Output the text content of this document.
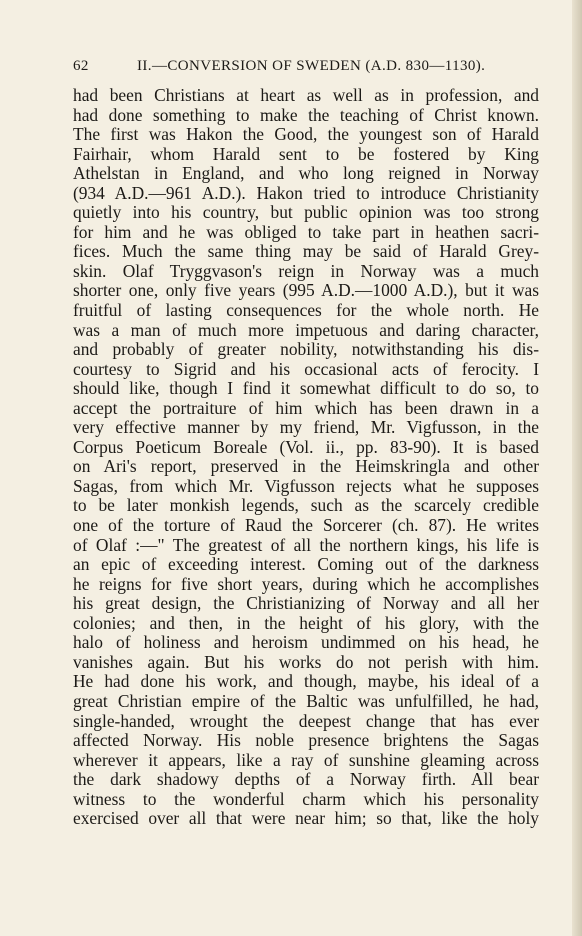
62	II.—CONVERSION OF SWEDEN (A.D. 830—1130).
had been Christians at heart as well as in profession, and
had done something to make the teaching of Christ known.
The first was Hakon the Good, the youngest son of Harald
Fairhair, whom Harald sent to be fostered by King
Athelstan in England, and who long reigned in Norway
(934 A.D.—961 A.D.). Hakon tried to introduce Christianity
quietly into his country, but public opinion was too strong
for him and he was obliged to take part in heathen sacri-
fices. Much the same thing may be said of Harald Grey-
skin. Olaf Tryggvason's reign in Norway was a much
shorter one, only five years (995 A.D.—1000 A.D.), but it was
fruitful of lasting consequences for the whole north. He
was a man of much more impetuous and daring character,
and probably of greater nobility, notwithstanding his dis-
courtesy to Sigrid and his occasional acts of ferocity. I
should like, though I find it somewhat difficult to do so, to
accept the portraiture of him which has been drawn in a
very effective manner by my friend, Mr. Vigfusson, in the
Corpus Poeticum Boreale (Vol. ii., pp. 83-90). It is based
on Ari's report, preserved in the Heimskringla and other
Sagas, from which Mr. Vigfusson rejects what he supposes
to be later monkish legends, such as the scarcely credible
one of the torture of Raud the Sorcerer (ch. 87). He writes
of Olaf :—" The greatest of all the northern kings, his life is
an epic of exceeding interest. Coming out of the darkness
he reigns for five short years, during which he accomplishes
his great design, the Christianizing of Norway and all her
colonies; and then, in the height of his glory, with the
halo of holiness and heroism undimmed on his head, he
vanishes again. But his works do not perish with him.
He had done his work, and though, maybe, his ideal of a
great Christian empire of the Baltic was unfulfilled, he had,
single-handed, wrought the deepest change that has ever
affected Norway. His noble presence brightens the Sagas
wherever it appears, like a ray of sunshine gleaming across
the dark shadowy depths of a Norway firth. All bear
witness to the wonderful charm which his personality
exercised over all that were near him; so that, like the holy
